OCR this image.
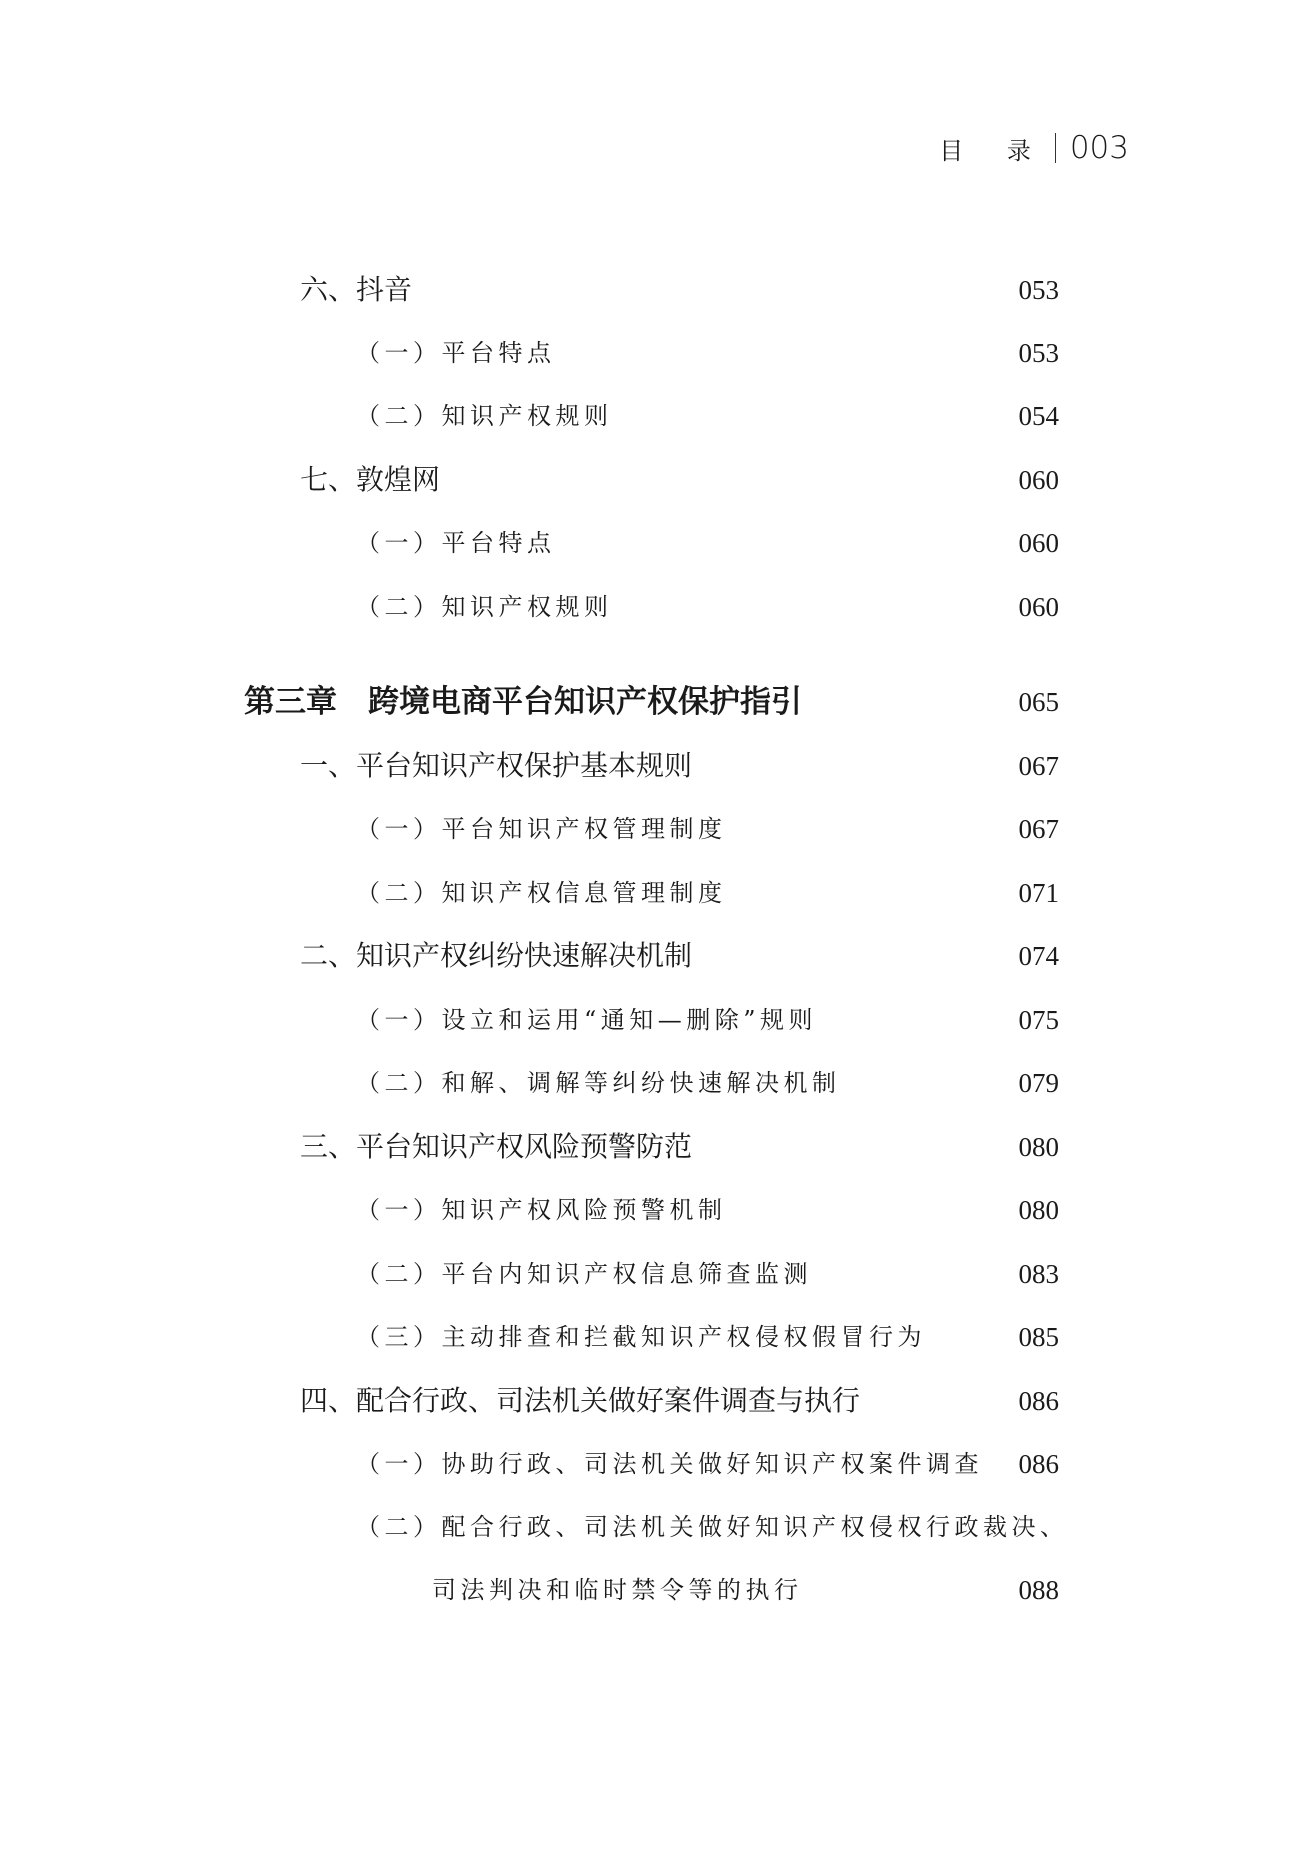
目 录 003
六、抖音	053
（一）平台特点	053
（二）知识产权规则	054
七、敦煌网	060
（一）平台特点	060
（二）知识产权规则	060
第三章　跨境电商平台知识产权保护指引	065
一、平台知识产权保护基本规则	067
（一）平台知识产权管理制度	067
（二）知识产权信息管理制度	071
二、知识产权纠纷快速解决机制	074
（一）设立和运用“通知—删除”规则	075
（二）和解、调解等纠纷快速解决机制	079
三、平台知识产权风险预警防范	080
（一）知识产权风险预警机制	080
（二）平台内知识产权信息筛查监测	083
（三）主动排查和拦截知识产权侵权假冒行为	085
四、配合行政、司法机关做好案件调查与执行	086
（一）协助行政、司法机关做好知识产权案件调查 086
（二）配合行政、司法机关做好知识产权侵权行政裁决、
司法判决和临时禁令等的执行	088
